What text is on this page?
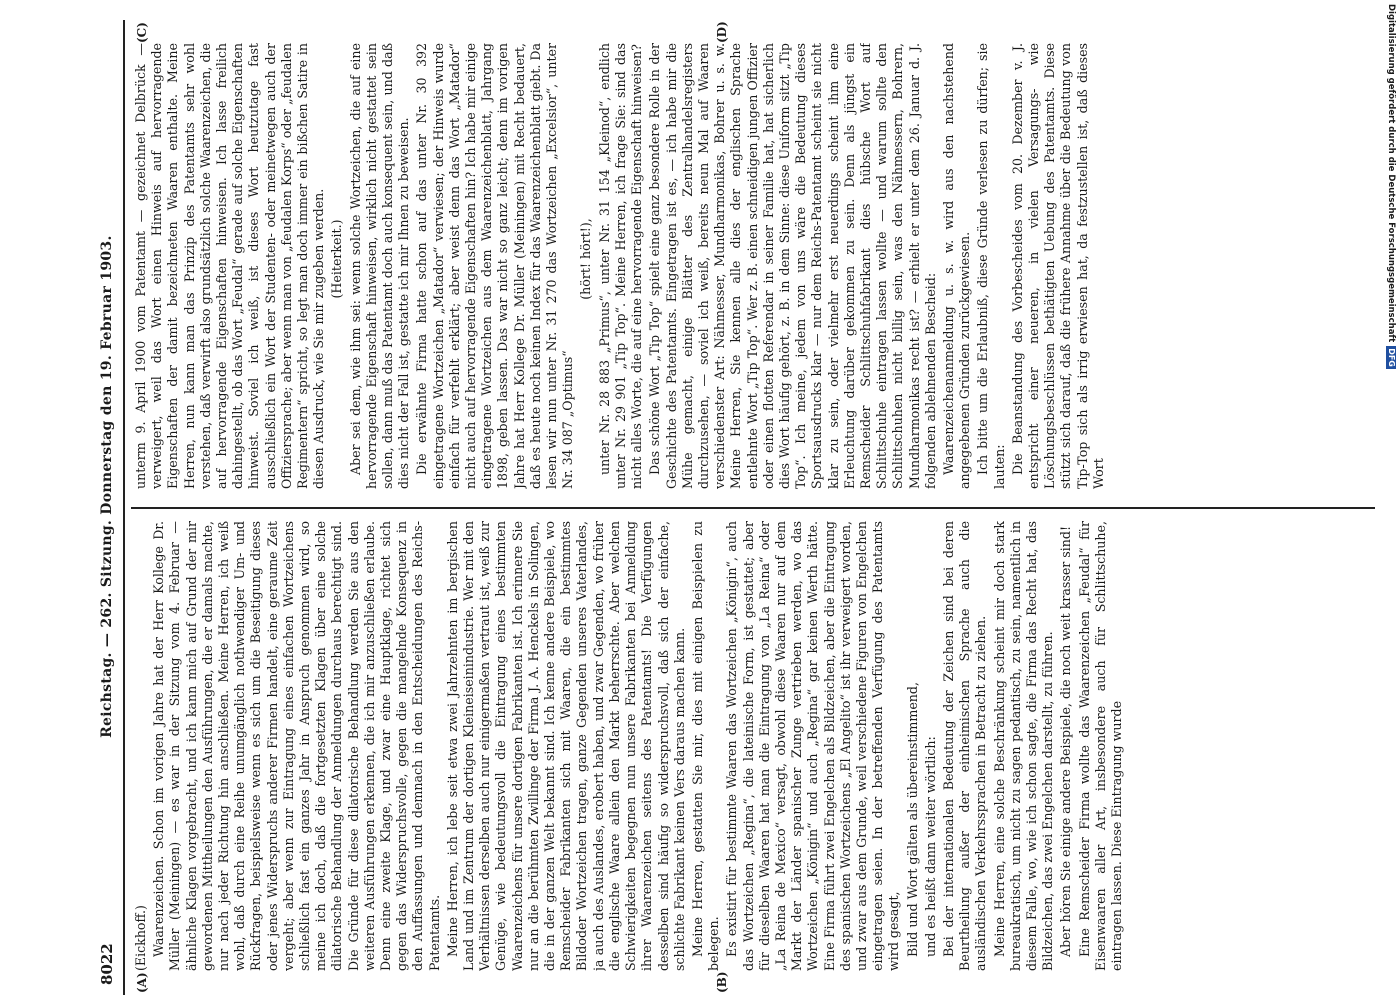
8022
Reichstag. — 262. Sitzung. Donnerstag den 19. Februar 1903.
(A)	(B)
(C)	(D)

(Eickhoff.) Waarenzeichen. Schon im vorigen Jahre hat der Herr Kollege Dr. Müller (Meiningen) — es war in der Sitzung vom 4. Februar — ähnliche Klagen vorgebracht, und ich kann mich auf Grund der mir gewordenen Mittheilungen den Ausführungen, die er damals machte, nur nach jeder Richtung hin anschließen. Meine Herren, ich weiß wohl, daß durch eine Reihe unumgänglich nothwendiger Um- und Rückfragen, beispielsweise wenn es sich um die Beseitigung dieses oder jenes Widerspruchs anderer Firmen handelt, eine geraume Zeit vergeht; aber wenn zur Eintragung eines einfachen Wortzeichens schließlich fast ein ganzes Jahr in Anspruch genommen wird, so meine ich doch, daß die fortgesetzten Klagen über eine solche dilatorische Behandlung der Anmeldungen durchaus berechtigt sind. Die Gründe für diese dilatorische Behandlung werden Sie aus den weiteren Ausführungen erkennen, die ich mir anzuschließen erlaube. Denn eine zweite Klage, und zwar eine Hauptklage, richtet sich gegen das Widerspruchsvolle, gegen die mangelnde Konsequenz in den Auffassungen und demnach in den Entscheidungen des Reichs-Patentamts. Meine Herren, ich lebe seit etwa zwei Jahrzehnten im bergischen Land und im Zentrum der dortigen Kleineiseinindustrie. Wer mit den Verhältnissen derselben auch nur einigermaßen vertraut ist, weiß zur Genüge, wie bedeutungsvoll die Eintragung eines bestimmten Waarenzeichens für unsere dortigen Fabrikanten ist. Ich erinnere Sie nur an die berühmten Zwillinge der Firma J. A. Henckels in Solingen, die in der ganzen Welt bekannt sind. Ich kenne andere Beispiele, wo Remscheider Fabrikanten sich mit Waaren, die ein bestimmtes Bildoder Wortzeichen tragen, ganze Gegenden unseres Vaterlandes, ja auch des Auslandes, erobert haben, und zwar Gegenden, wo früher die englische Waare allein den Markt beherrschte. Aber welchen Schwierigkeiten begegnen nun unsere Fabrikanten bei Anmeldung ihrer Waarenzeichen seitens des Patentamts! Die Verfügungen desselben sind häufig so widerspruchsvoll, daß sich der einfache, schlichte Fabrikant keinen Vers daraus machen kann. Meine Herren, gestatten Sie mir, dies mit einigen Beispielen zu belegen. Es existirt für bestimmte Waaren das Wortzeichen „Königin“, auch das Wortzeichen „Regina“, die lateinische Form, ist gestattet; aber für dieselben Waaren hat man die Eintragung von „La Reina“ oder „La Reina de Mexico“ versagt, obwohl diese Waaren nur auf dem Markt der Länder spanischer Zunge vertrieben werden, wo das Wortzeichen „Königin“ und auch „Regina“ gar keinen Werth hätte. Eine Firma führt zwei Engelchen als Bildzeichen, aber die Eintragung des spanischen Wortzeichens „El Angelito“ ist ihr verweigert worden, und zwar aus dem Grunde, weil verschiedene Figuren von Engelchen eingetragen seien. In der betreffenden Verfügung des Patentamts wird gesagt, Bild und Wort gälten als übereinstimmend, und es heißt dann weiter wörtlich: Bei der internationalen Bedeutung der Zeichen sind bei deren Beurtheilung außer der einheimischen Sprache auch die ausländischen Verkehrssprachen in Betracht zu ziehen. Meine Herren, eine solche Beschränkung scheint mir doch stark bureaukratisch, um nicht zu sagen pedantisch, zu sein, namentlich in diesem Falle, wo, wie ich schon sagte, die Firma das Recht hat, das Bildzeichen, das zwei Engelchen darstellt, zu führen. Aber hören Sie einige andere Beispiele, die noch weit krasser sind! Eine Remscheider Firma wollte das Waarenzeichen „Feudal“ für Eisenwaaren aller Art, insbesondere auch für Schlittschuhe, eintragen lassen. Diese Eintragung wurde

unterm 9. April 1900 vom Patentamt — gezeichnet Delbrück — verweigert, weil das Wort einen Hinweis auf hervorragende Eigenschaften der damit bezeichneten Waaren enthalte. Meine Herren, nun kann man das Prinzip des Patentamts sehr wohl verstehen, daß verwirft also grundsätzlich solche Waarenzeichen, die auf hervorragende Eigenschaften hinweisen. Ich lasse freilich dahingestellt, ob das Wort „Feudal“ gerade auf solche Eigenschaften hinweist. Soviel ich weiß, ist dieses Wort heutzutage fast ausschließlich ein Wort der Studenten- oder meinetwegen auch der Offiziersprache; aber wenn man von „feudalen Korps“ oder „feudalen Regimentern“ spricht, so legt man doch immer ein bißchen Satire in diesen Ausdruck, wie Sie mir zugeben werden. (Heiterkeit.) Aber sei dem, wie ihm sei: wenn solche Wortzeichen, die auf eine hervorragende Eigenschaft hinweisen, wirklich nicht gestattet sein sollen, dann muß das Patentamt doch auch konsequent sein, und daß dies nicht der Fall ist, gestatte ich mir Ihnen zu beweisen. Die erwähnte Firma hatte schon auf das unter Nr. 30 392 eingetragene Wortzeichen „Matador“ verwiesen; der Hinweis wurde einfach für verfehlt erklärt; aber weist denn das Wort „Matador“ nicht auch auf hervorragende Eigenschaften hin? Ich habe mir einige eingetragene Wortzeichen aus dem Waarenzeichenblatt, Jahrgang 1898, geben lassen. Das war nicht so ganz leicht; denn im vorigen Jahre hat Herr Kollege Dr. Müller (Meiningen) mit Recht bedauert, daß es heute noch keinen Index für das Waarenzeichenblatt giebt. Da lesen wir nun unter Nr. 31 270 das Wortzeichen „Excelsior“, unter Nr. 34 087 „Optimus“

(hört! hört!), unter Nr. 28 883 „Primus“, unter Nr. 31 154 „Kleinod“, endlich unter Nr. 29 901 „Tip Top“. Meine Herren, ich frage Sie: sind das nicht alles Worte, die auf eine hervorragende Eigenschaft hinweisen? Das schöne Wort „Tip Top“ spielt eine ganz besondere Rolle in der Geschichte des Patentamts. Eingetragen ist es, — ich habe mir die Mühe gemacht, einige Blätter des Zentralhandelsregisters durchzusehen, — soviel ich weiß, bereits neun Mal auf Waaren verschiedenster Art: Nähmesser, Mundharmonikas, Bohrer u. s. w. Meine Herren, Sie kennen alle dies der englischen Sprache entlehnte Wort „Tip Top“. Wer z. B. einen schneidigen jungen Offizier oder einen flotten Referendar in seiner Familie hat, hat sicherlich dies Wort häufig gehört, z. B. in dem Sinne: diese Uniform sitzt „Tip Top“. Ich meine, jedem von uns wäre die Bedeutung dieses Sportsausdrucks klar — nur dem Reichs-Patentamt scheint sie nicht klar zu sein, oder vielmehr erst neuerdings scheint ihm eine Erleuchtung darüber gekommen zu sein. Denn als jüngst ein Remscheider Schlittschuhfabrikant dies hübsche Wort auf Schlittschuhe eintragen lassen wollte — und warum sollte den Schlittschuhen nicht billig sein, was den Nähmessern, Bohrern, Mundharmonikas recht ist? — erhielt er unter dem 26. Januar d. J. folgenden ablehnenden Bescheid: Waarenzeichenanmeldung u. s. w. wird aus den nachstehend angegebenen Gründen zurückgewiesen. Ich bitte um die Erlaubniß, diese Gründe verlesen zu dürfen; sie lauten: Die Beanstandung des Vorbescheides vom 20. Dezember v. J. entspricht einer neueren, in vielen Versagungs- wie Löschungsbeschlüssen bethätigten Uebung des Patentamts. Diese stützt sich darauf, daß die frühere Annahme über die Bedeutung von Tip-Top sich als irrig erwiesen hat, da festzustellen ist, daß dieses Wort

Digitalisierung gefördert durch die Deutsche Forschungsgemeinschaft
DFG
